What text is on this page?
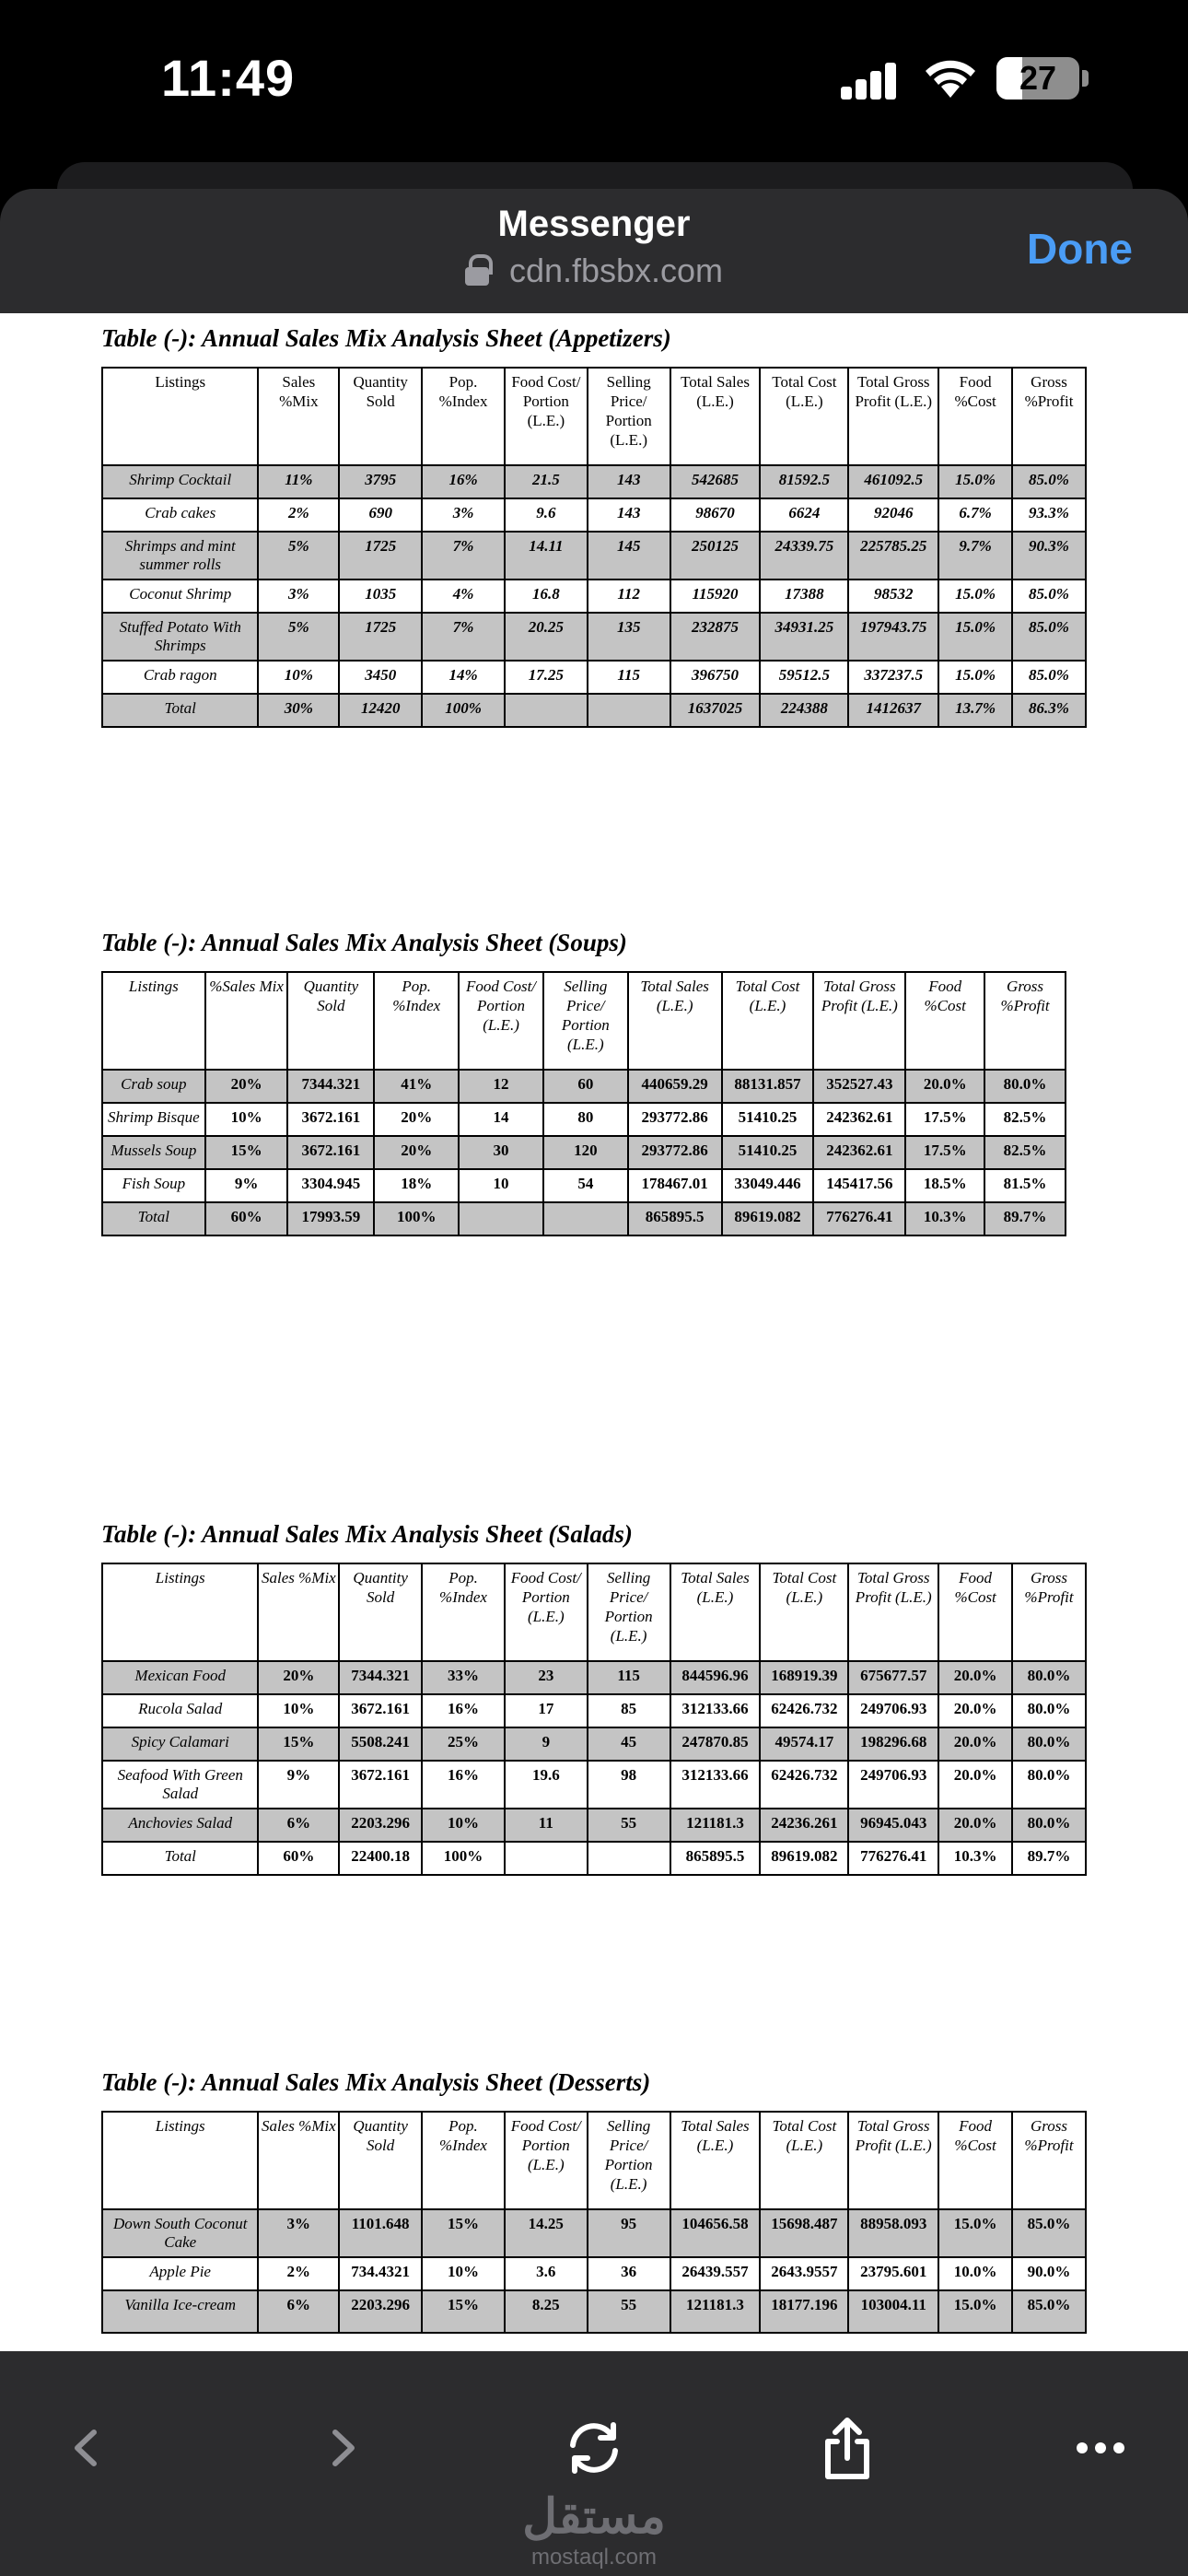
11:49	27
Messenger
cdn.fbsbx.com	Done
Table (-): Annual Sales Mix Analysis Sheet (Appetizers)
Listings	Sales %Mix	Quantity Sold	Pop. %Index	Food Cost/ Portion (L.E.)	Selling Price/ Portion (L.E.)	Total Sales (L.E.)	Total Cost (L.E.)	Total Gross Profit (L.E.)	Food %Cost	Gross %Profit
Shrimp Cocktail	11%	3795	16%	21.5	143	542685	81592.5	461092.5	15.0%	85.0%
Crab cakes	2%	690	3%	9.6	143	98670	6624	92046	6.7%	93.3%
Shrimps and mint summer rolls	5%	1725	7%	14.11	145	250125	24339.75	225785.25	9.7%	90.3%
Coconut Shrimp	3%	1035	4%	16.8	112	115920	17388	98532	15.0%	85.0%
Stuffed Potato With Shrimps	5%	1725	7%	20.25	135	232875	34931.25	197943.75	15.0%	85.0%
Crab ragon	10%	3450	14%	17.25	115	396750	59512.5	337237.5	15.0%	85.0%
Total	30%	12420	100%			1637025	224388	1412637	13.7%	86.3%
Table (-): Annual Sales Mix Analysis Sheet (Soups)
Listings	%Sales Mix	Quantity Sold	Pop. %Index	Food Cost/ Portion (L.E.)	Selling Price/ Portion (L.E.)	Total Sales (L.E.)	Total Cost (L.E.)	Total Gross Profit (L.E.)	Food %Cost	Gross %Profit
Crab soup	20%	7344.321	41%	12	60	440659.29	88131.857	352527.43	20.0%	80.0%
Shrimp Bisque	10%	3672.161	20%	14	80	293772.86	51410.25	242362.61	17.5%	82.5%
Mussels Soup	15%	3672.161	20%	30	120	293772.86	51410.25	242362.61	17.5%	82.5%
Fish Soup	9%	3304.945	18%	10	54	178467.01	33049.446	145417.56	18.5%	81.5%
Total	60%	17993.59	100%			865895.5	89619.082	776276.41	10.3%	89.7%
Table (-): Annual Sales Mix Analysis Sheet (Salads)
Listings	Sales %Mix	Quantity Sold	Pop. %Index	Food Cost/ Portion (L.E.)	Selling Price/ Portion (L.E.)	Total Sales (L.E.)	Total Cost (L.E.)	Total Gross Profit (L.E.)	Food %Cost	Gross %Profit
Mexican Food	20%	7344.321	33%	23	115	844596.96	168919.39	675677.57	20.0%	80.0%
Rucola Salad	10%	3672.161	16%	17	85	312133.66	62426.732	249706.93	20.0%	80.0%
Spicy Calamari	15%	5508.241	25%	9	45	247870.85	49574.17	198296.68	20.0%	80.0%
Seafood With Green Salad	9%	3672.161	16%	19.6	98	312133.66	62426.732	249706.93	20.0%	80.0%
Anchovies Salad	6%	2203.296	10%	11	55	121181.3	24236.261	96945.043	20.0%	80.0%
Total	60%	22400.18	100%			865895.5	89619.082	776276.41	10.3%	89.7%
Table (-): Annual Sales Mix Analysis Sheet (Desserts)
Listings	Sales %Mix	Quantity Sold	Pop. %Index	Food Cost/ Portion (L.E.)	Selling Price/ Portion (L.E.)	Total Sales (L.E.)	Total Cost (L.E.)	Total Gross Profit (L.E.)	Food %Cost	Gross %Profit
Down South Coconut Cake	3%	1101.648	15%	14.25	95	104656.58	15698.487	88958.093	15.0%	85.0%
Apple Pie	2%	734.4321	10%	3.6	36	26439.557	2643.9557	23795.601	10.0%	90.0%
Vanilla Ice-cream	6%	2203.296	15%	8.25	55	121181.3	18177.196	103004.11	15.0%	85.0%
مستقل
mostaql.com
